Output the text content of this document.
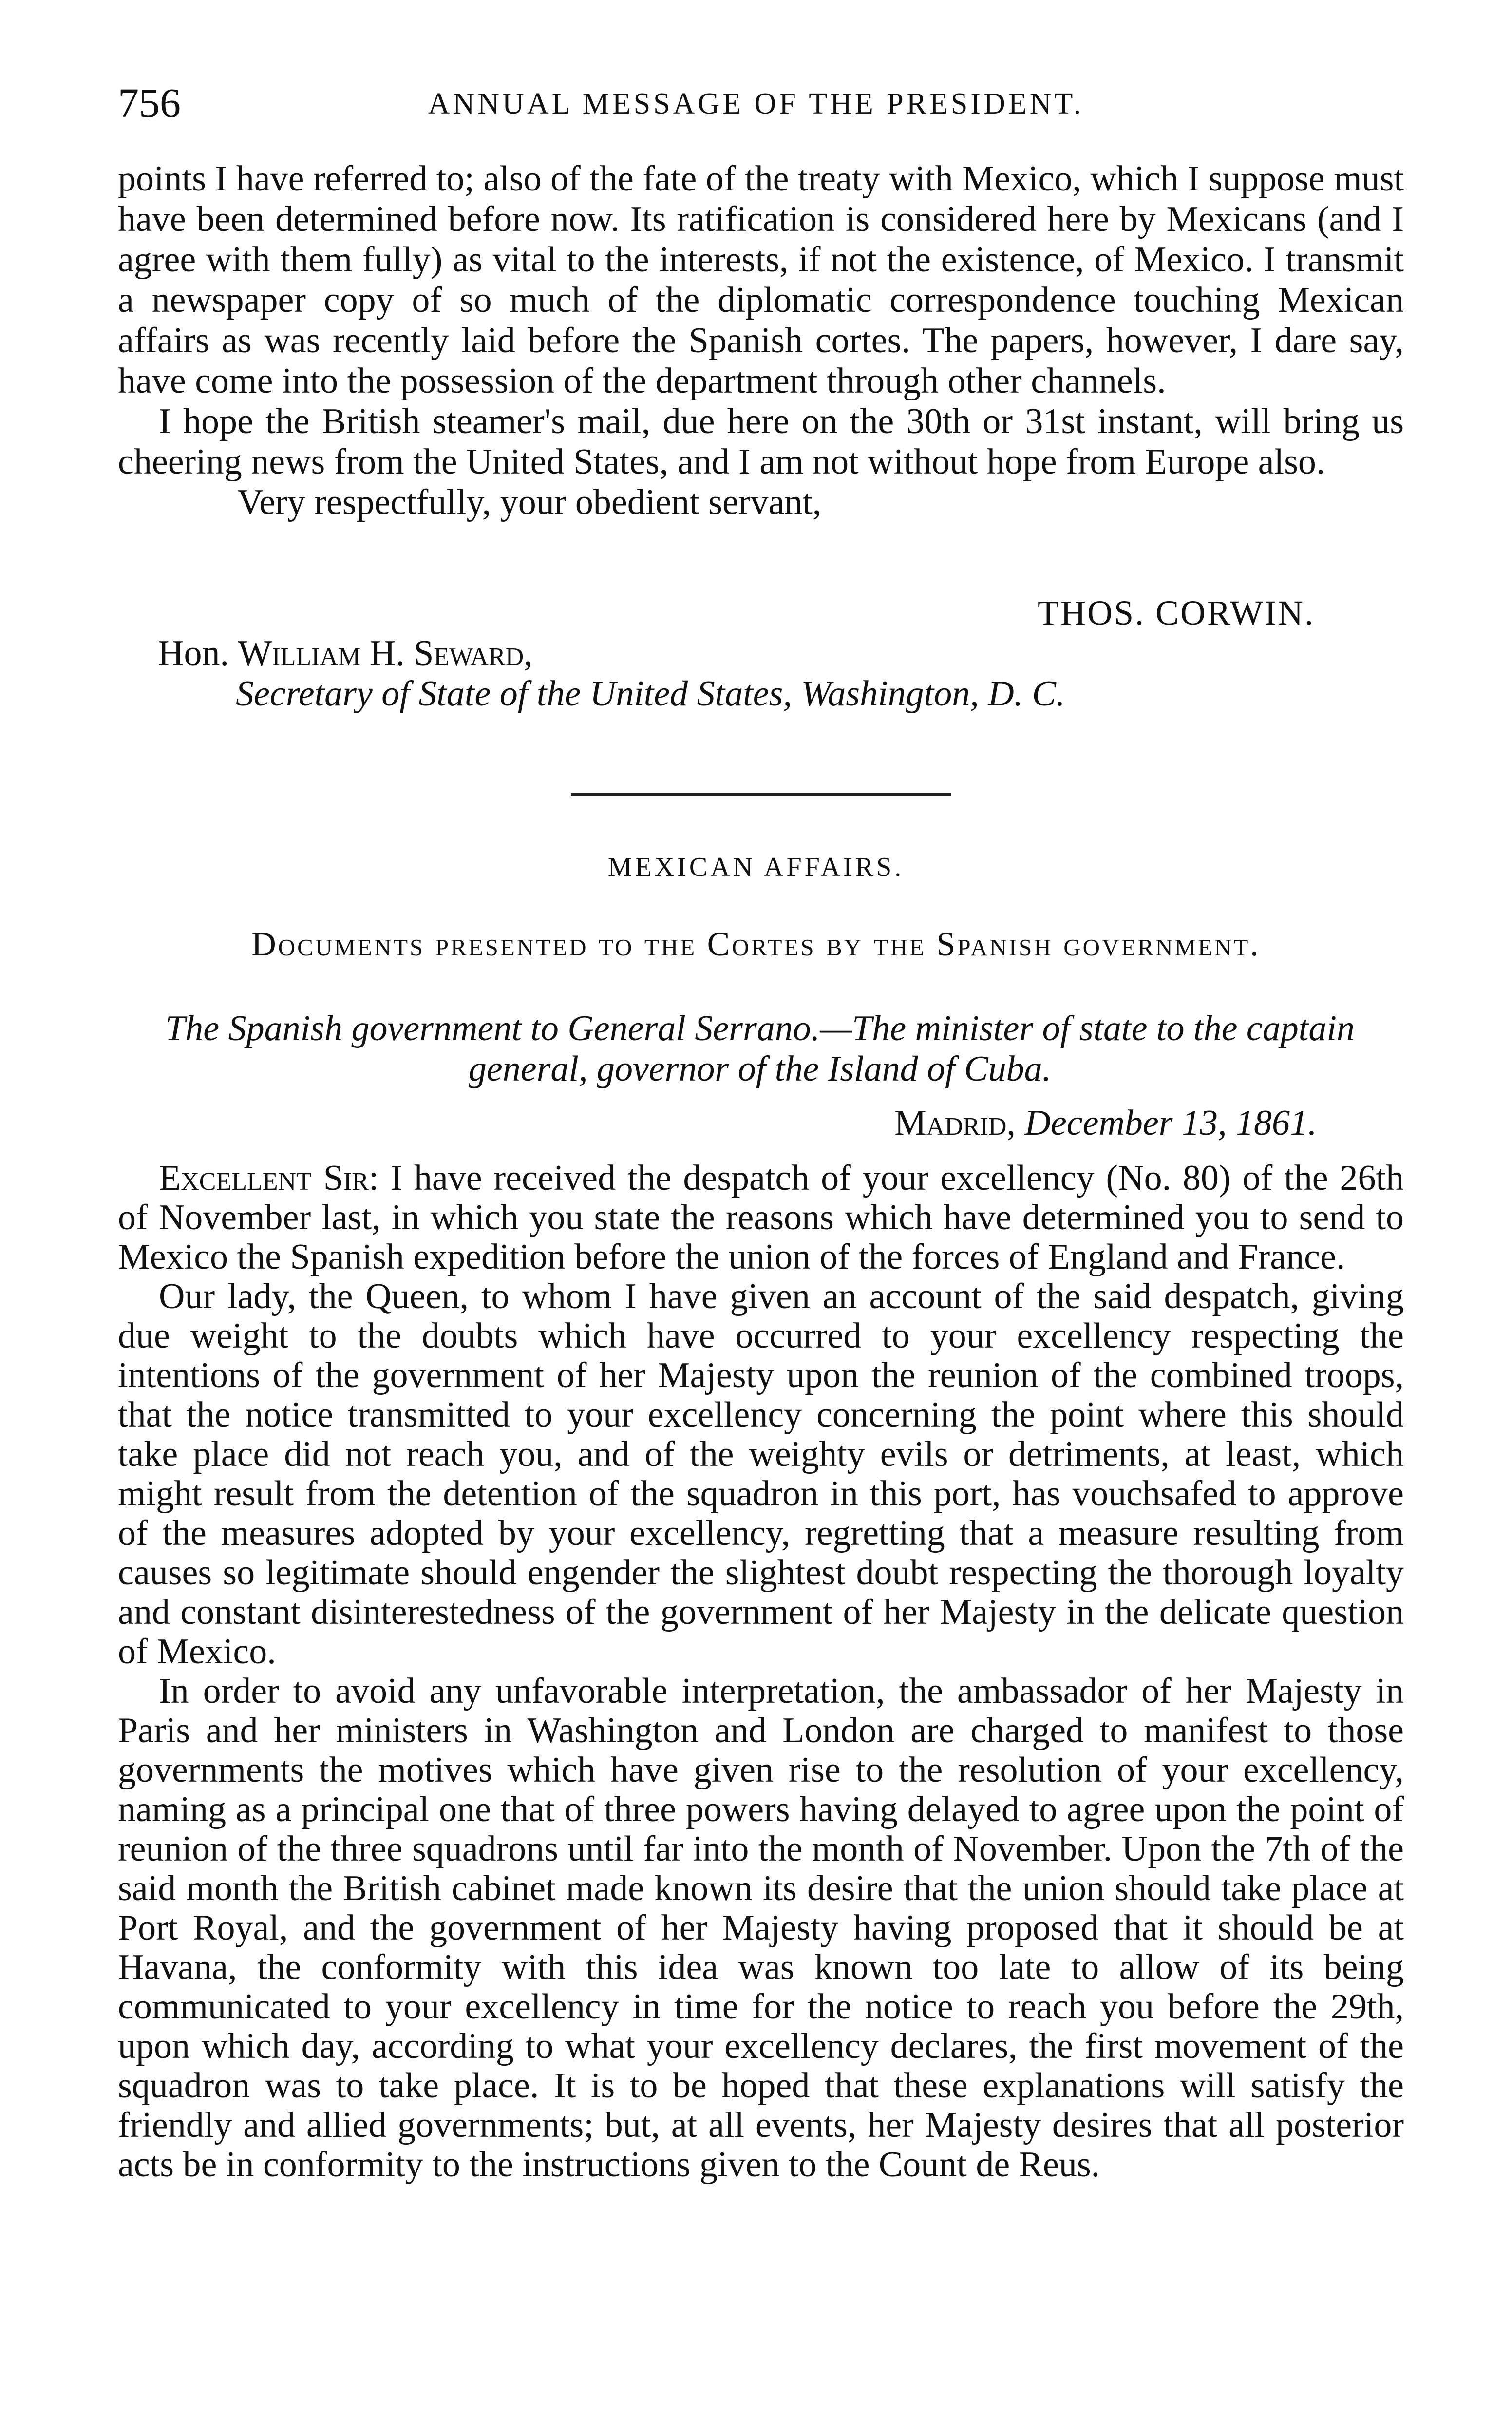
756	ANNUAL MESSAGE OF THE PRESIDENT.

points I have referred to; also of the fate of the treaty with Mexico, which I suppose must have been determined before now. Its ratification is considered here by Mexicans (and I agree with them fully) as vital to the interests, if not the existence, of Mexico. I transmit a newspaper copy of so much of the diplomatic correspondence touching Mexican affairs as was recently laid before the Spanish cortes. The papers, however, I dare say, have come into the possession of the department through other channels.

I hope the British steamer's mail, due here on the 30th or 31st instant, will bring us cheering news from the United States, and I am not without hope from Europe also.

Very respectfully, your obedient servant,

THOS. CORWIN.
Hon. William H. Seward,
Secretary of State of the United States, Washington, D. C.
MEXICAN AFFAIRS.
Documents presented to the Cortes by the Spanish government.
The Spanish government to General Serrano.—The minister of state to the captain general, governor of the Island of Cuba.
Madrid, December 13, 1861.

Excellent Sir: I have received the despatch of your excellency (No. 80) of the 26th of November last, in which you state the reasons which have determined you to send to Mexico the Spanish expedition before the union of the forces of England and France.

Our lady, the Queen, to whom I have given an account of the said despatch, giving due weight to the doubts which have occurred to your excellency respecting the intentions of the government of her Majesty upon the reunion of the combined troops, that the notice transmitted to your excellency concerning the point where this should take place did not reach you, and of the weighty evils or detriments, at least, which might result from the detention of the squadron in this port, has vouchsafed to approve of the measures adopted by your excellency, regretting that a measure resulting from causes so legitimate should engender the slightest doubt respecting the thorough loyalty and constant disinterestedness of the government of her Majesty in the delicate question of Mexico.

In order to avoid any unfavorable interpretation, the ambassador of her Majesty in Paris and her ministers in Washington and London are charged to manifest to those governments the motives which have given rise to the resolution of your excellency, naming as a principal one that of three powers having delayed to agree upon the point of reunion of the three squadrons until far into the month of November. Upon the 7th of the said month the British cabinet made known its desire that the union should take place at Port Royal, and the government of her Majesty having proposed that it should be at Havana, the conformity with this idea was known too late to allow of its being communicated to your excellency in time for the notice to reach you before the 29th, upon which day, according to what your excellency declares, the first movement of the squadron was to take place. It is to be hoped that these explanations will satisfy the friendly and allied governments; but, at all events, her Majesty desires that all posterior acts be in conformity to the instructions given to the Count de Reus.
